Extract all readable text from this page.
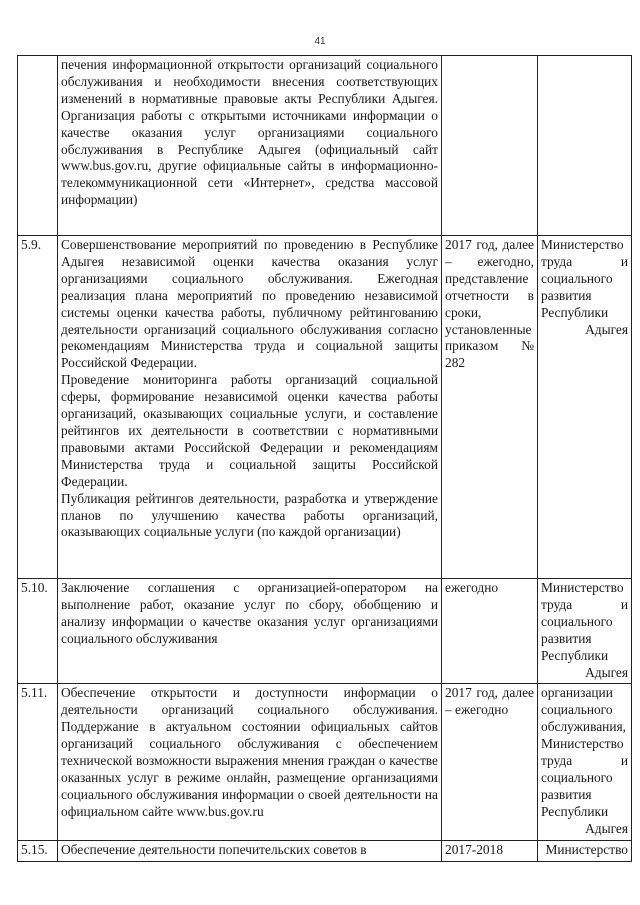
41

	печения информационной открытости организаций социального обслуживания и необходимости внесения соответствующих изменений в нормативные правовые акты Республики Адыгея. Организация работы с открытыми источниками информации о качестве оказания услуг организациями социального обслуживания в Республике Адыгея (официальный сайт www.bus.gov.ru, другие официальные сайты в информационно-телекоммуникационной сети «Интернет», средства массовой информации)		

5.9.	Совершенствование мероприятий по проведению в Республике Адыгея независимой оценки качества оказания услуг организациями социального обслуживания. Ежегодная реализация плана мероприятий по проведению независимой системы оценки качества работы, публичному рейтингованию деятельности организаций социального обслуживания согласно рекомендациям Министерства труда и социальной защиты Российской Федерации.

Проведение мониторинга работы организаций социальной сферы, формирование независимой оценки качества работы организаций, оказывающих социальные услуги, и составление рейтингов их деятельности в соответствии с нормативными правовыми актами Российской Федерации и рекомендациям Министерства труда и социальной защиты Российской Федерации.

Публикация рейтингов деятельности, разработка и утверждение планов по улучшению качества работы организаций, оказывающих социальные услуги (по каждой организации)	2017 год, далее – ежегодно, представление отчетности в сроки, установленные приказом № 282	Министерство труда и социального развития Республики Адыгея
5.10.	Заключение соглашения с организацией-оператором на выполнение работ, оказание услуг по сбору, обобщению и анализу информации о качестве оказания услуг организациями социального обслуживания	ежегодно	Министерство труда и социального развития Республики Адыгея
5.11.	Обеспечение открытости и доступности информации о деятельности организаций социального обслуживания. Поддержание в актуальном состоянии официальных сайтов организаций социального обслуживания с обеспечением технической возможности выражения мнения граждан о качестве оказанных услуг в режиме онлайн, размещение организациями социального обслуживания информации о своей деятельности на официальном сайте www.bus.gov.ru	2017 год, далее – ежегодно	организации социального обслуживания, Министерство труда и социального развития Республики Адыгея
5.15.	Обеспечение деятельности попечительских советов в	2017-2018	Министерство
